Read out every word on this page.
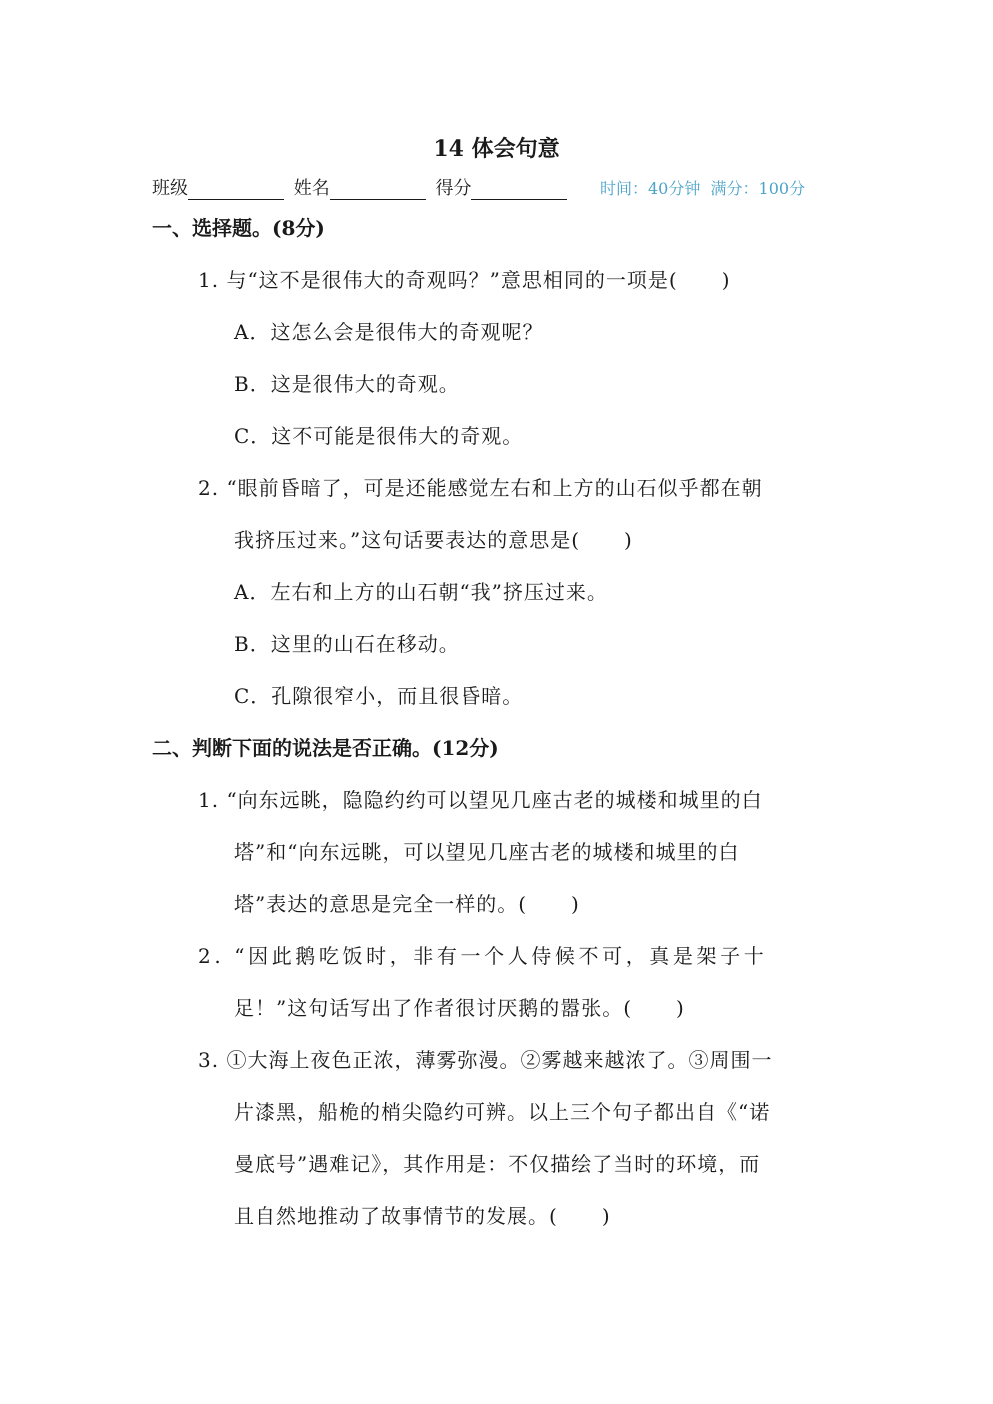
14 体会句意
班级	姓名	得分	时间：40分钟 满分：100分
一、选择题。(8分)
1. 与“这不是很伟大的奇观吗？”意思相同的一项是( )
A．这怎么会是很伟大的奇观呢？
B．这是很伟大的奇观。
C．这不可能是很伟大的奇观。
2. “眼前昏暗了，可是还能感觉左右和上方的山石似乎都在朝
我挤压过来。”这句话要表达的意思是( )
A．左右和上方的山石朝“我”挤压过来。
B．这里的山石在移动。
C．孔隙很窄小，而且很昏暗。
二、判断下面的说法是否正确。(12分)
1. “向东远眺，隐隐约约可以望见几座古老的城楼和城里的白
塔”和“向东远眺，可以望见几座古老的城楼和城里的白
塔”表达的意思是完全一样的。( )
2. “因此鹅吃饭时，非有一个人侍候不可，真是架子十
足！”这句话写出了作者很讨厌鹅的嚣张。( )
3. ①大海上夜色正浓，薄雾弥漫。②雾越来越浓了。③周围一
片漆黑，船桅的梢尖隐约可辨。以上三个句子都出自《“诺
曼底号”遇难记》，其作用是：不仅描绘了当时的环境，而
且自然地推动了故事情节的发展。( )
